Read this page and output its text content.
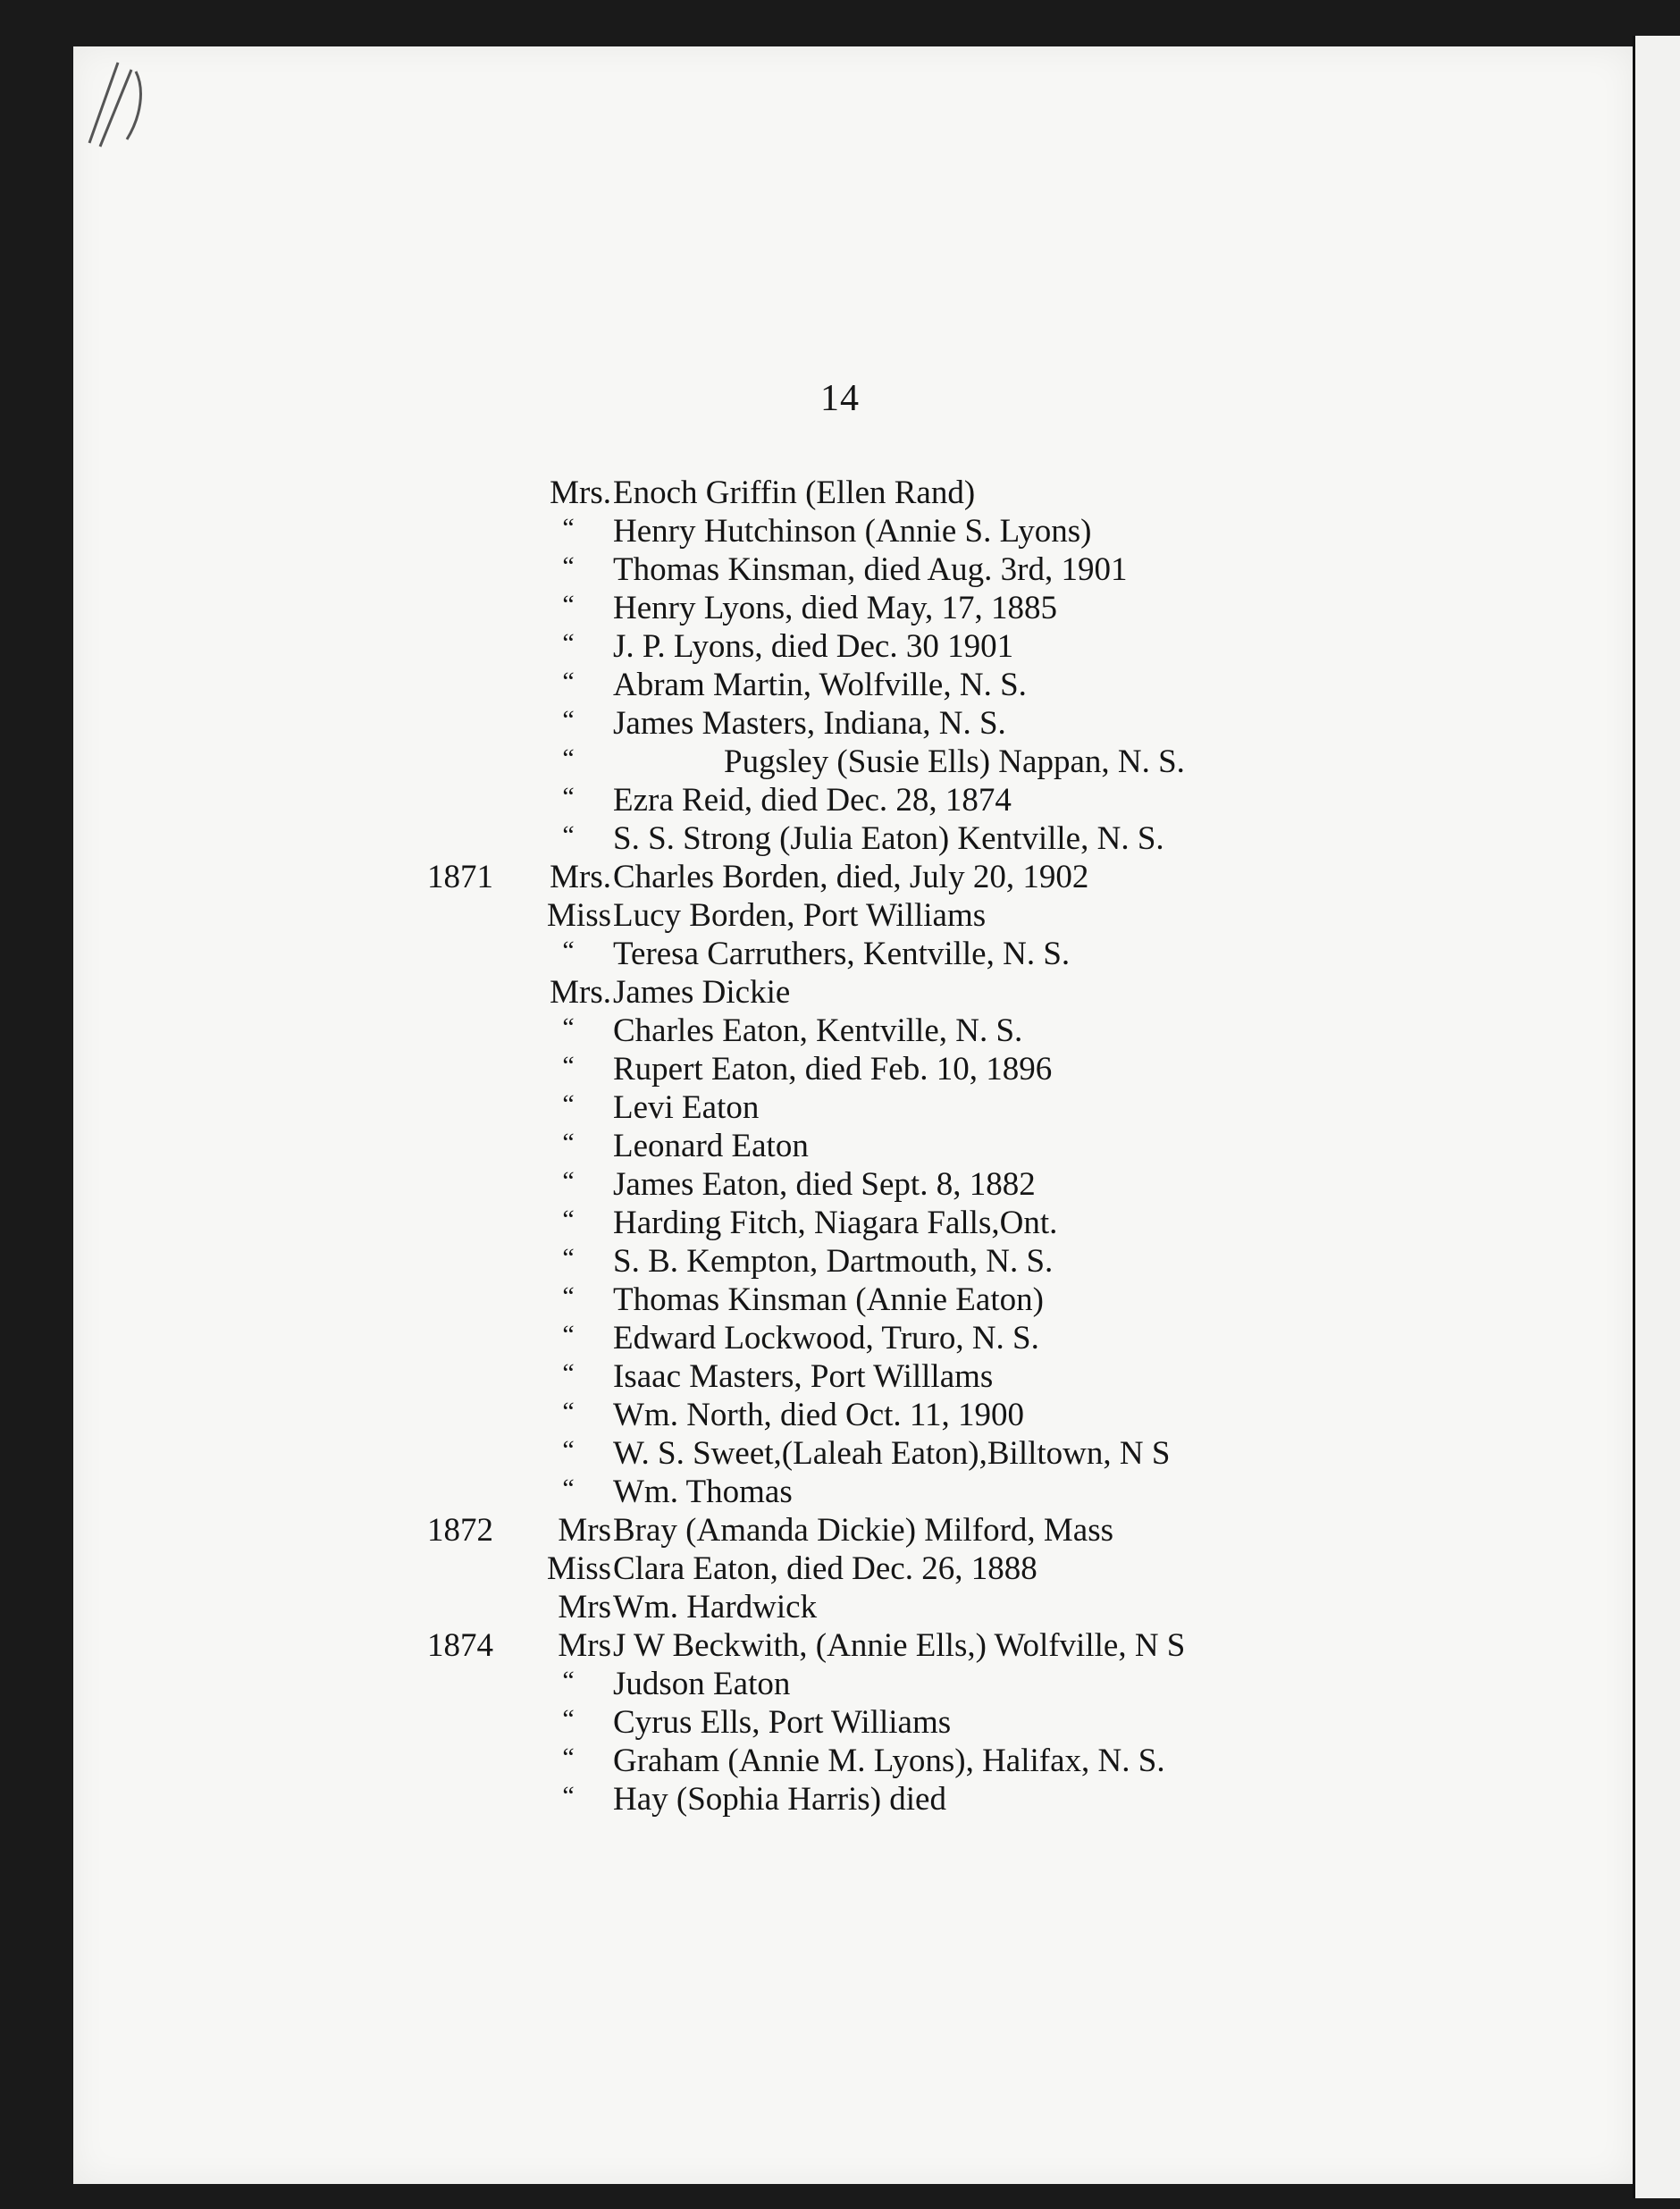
14
Mrs. Enoch Griffin (Ellen Rand)
“	Henry Hutchinson (Annie S. Lyons)
“	Thomas Kinsman, died Aug. 3rd, 1901
“	Henry Lyons, died May, 17, 1885
“	J. P. Lyons, died Dec. 30 1901
“	Abram Martin, Wolfville, N. S.
“	James Masters, Indiana, N. S.
“	Pugsley (Susie Ells) Nappan, N. S.
“	Ezra Reid, died Dec. 28, 1874
“	S. S. Strong (Julia Eaton) Kentville, N. S.
1871	Mrs. Charles Borden, died, July 20, 1902
Miss Lucy Borden, Port Williams
“	Teresa Carruthers, Kentville, N. S.
Mrs. James Dickie
“	Charles Eaton, Kentville, N. S.
“	Rupert Eaton, died Feb. 10, 1896
“	Levi Eaton
“	Leonard Eaton
“	James Eaton, died Sept. 8, 1882
“	Harding Fitch, Niagara Falls,Ont.
“	S. B. Kempton, Dartmouth, N. S.
“	Thomas Kinsman (Annie Eaton)
“	Edward Lockwood, Truro, N. S.
“	Isaac Masters, Port Willlams
“	Wm. North, died Oct. 11, 1900
“	W. S. Sweet,(Laleah Eaton),Billtown, N S
“	Wm. Thomas
1872	Mrs Bray (Amanda Dickie) Milford, Mass
Miss Clara Eaton, died Dec. 26, 1888
Mrs Wm. Hardwick
1874	Mrs J W Beckwith, (Annie Ells,) Wolfville, N S
“	Judson Eaton
“	Cyrus Ells, Port Williams
“	Graham (Annie M. Lyons), Halifax, N. S.
“	Hay (Sophia Harris) died
